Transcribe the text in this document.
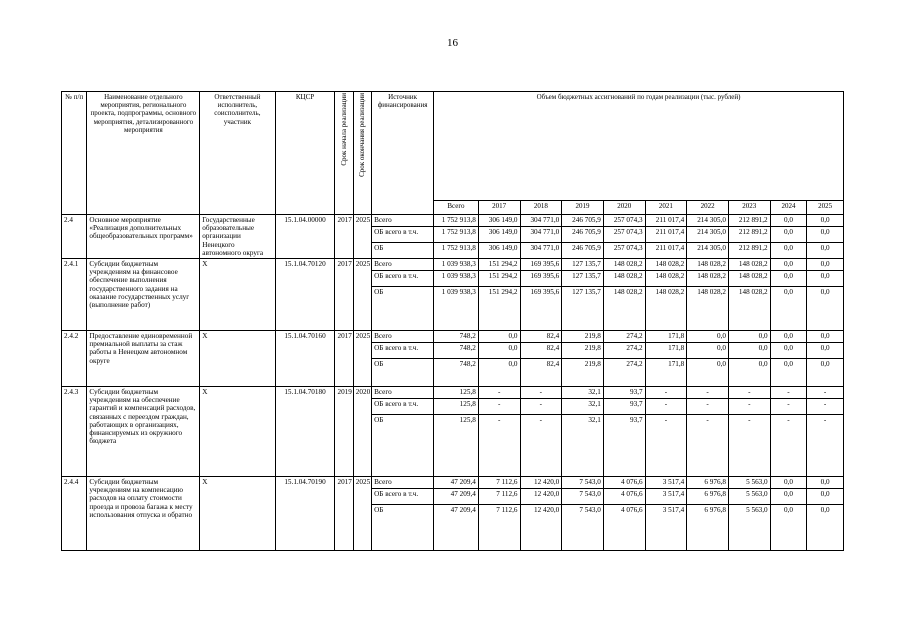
16
№ п/п	Наименование отдельного мероприятия, регионального проекта, подпрограммы, основного мероприятия, детализированного мероприятия	Ответственный исполнитель, соисполнитель, участник	КЦСР	Срок начала реализации	Срок окончания реализации	Источник финансирования	Объем бюджетных ассигнований по годам реализации (тыс. рублей)									
							Всего	2017	2018	2019	2020	2021	2022	2023	2024	2025
2.4	Основное мероприятие «Реализация дополнительных общеобразовательных программ»	Государственные образовательные организации Ненецкого автономного округа	15.1.04.00000	2017	2025	Всего	1 752 913,8	306 149,0	304 771,0	246 705,9	257 074,3	211 017,4	214 305,0	212 891,2	0,0	0,0
						ОБ всего в т.ч.	1 752 913,8	306 149,0	304 771,0	246 705,9	257 074,3	211 017,4	214 305,0	212 891,2	0,0	0,0
						ОБ	1 752 913,8	306 149,0	304 771,0	246 705,9	257 074,3	211 017,4	214 305,0	212 891,2	0,0	0,0
2.4.1	Субсидии бюджетным учреждениям на финансовое обеспечение выполнения государственного задания на оказание государственных услуг (выполнение работ)	Х	15.1.04.70120	2017	2025	Всего	1 039 938,3	151 294,2	169 395,6	127 135,7	148 028,2	148 028,2	148 028,2	148 028,2	0,0	0,0
						ОБ всего в т.ч.	1 039 938,3	151 294,2	169 395,6	127 135,7	148 028,2	148 028,2	148 028,2	148 028,2	0,0	0,0
						ОБ	1 039 938,3	151 294,2	169 395,6	127 135,7	148 028,2	148 028,2	148 028,2	148 028,2	0,0	0,0
2.4.2	Предоставление единовременной премиальной выплаты за стаж работы в Ненецком автономном округе	Х	15.1.04.70160	2017	2025	Всего	748,2	0,0	82,4	219,8	274,2	171,8	0,0	0,0	0,0	0,0
						ОБ всего в т.ч.	748,2	0,0	82,4	219,8	274,2	171,8	0,0	0,0	0,0	0,0
						ОБ	748,2	0,0	82,4	219,8	274,2	171,8	0,0	0,0	0,0	0,0
2.4.3	Субсидии бюджетным учреждениям на обеспечение гарантий и компенсаций расходов, связанных с переездом граждан, работающих в организациях, финансируемых из окружного бюджета	Х	15.1.04.70180	2019	2020	Всего	125,8	-	-	32,1	93,7	-	-	-	-	-
						ОБ всего в т.ч.	125,8	-	-	32,1	93,7	-	-	-	-	-
						ОБ	125,8	-	-	32,1	93,7	-	-	-	-	-
2.4.4	Субсидии бюджетным учреждениям на компенсацию расходов на оплату стоимости проезда и провоза багажа к месту использования отпуска и обратно	Х	15.1.04.70190	2017	2025	Всего	47 209,4	7 112,6	12 420,0	7 543,0	4 076,6	3 517,4	6 976,8	5 563,0	0,0	0,0
						ОБ всего в т.ч.	47 209,4	7 112,6	12 420,0	7 543,0	4 076,6	3 517,4	6 976,8	5 563,0	0,0	0,0
						ОБ	47 209,4	7 112,6	12 420,0	7 543,0	4 076,6	3 517,4	6 976,8	5 563,0	0,0	0,0
